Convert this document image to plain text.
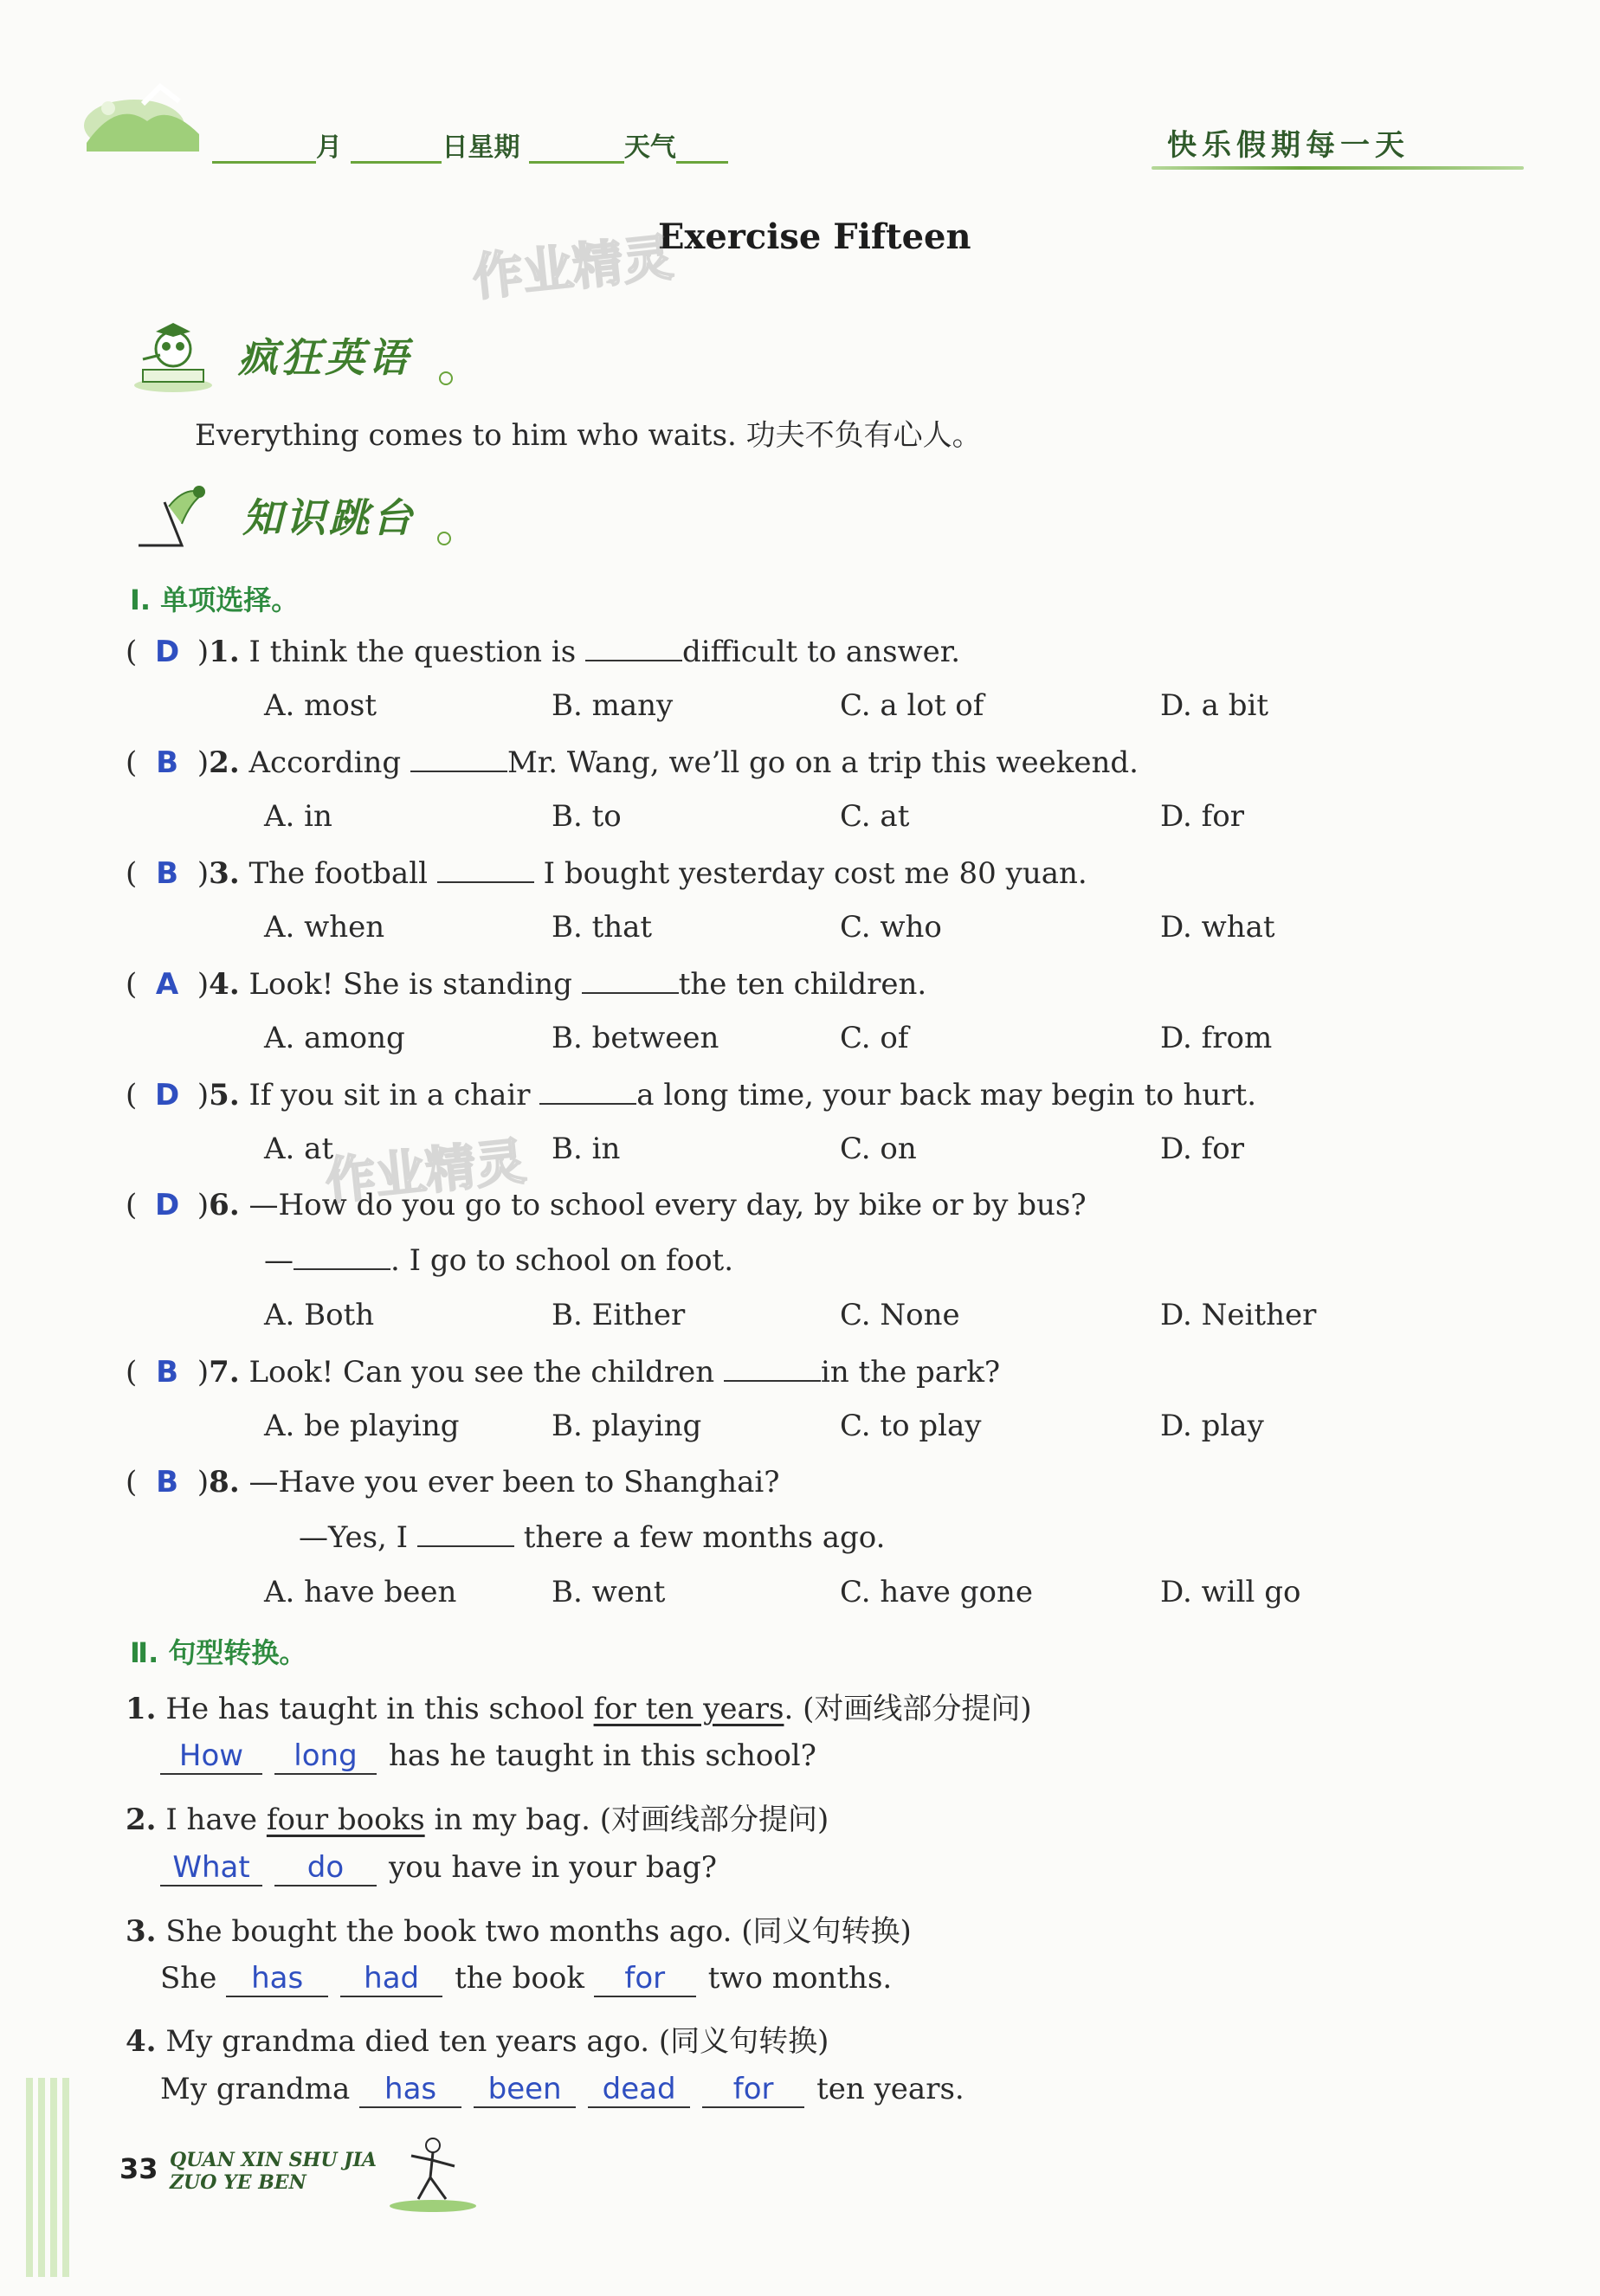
月	日星期	天气	快乐假期每一天
Exercise Fifteen
作业精灵
疯狂英语
Everything comes to him who waits. 功夫不负有心人。
知识跳台
Ⅰ. 单项选择。
( D )1. I think the question is	difficult to answer.
A. most	B. many	C. a lot of	D. a bit
( B )2. According	Mr. Wang, we’ll go on a trip this weekend.
A. in	B. to	C. at	D. for
( B )3. The football	I bought yesterday cost me 80 yuan.
A. when	B. that	C. who	D. what
( A )4. Look! She is standing	the ten children.
A. among	B. between	C. of	D. from
( D )5. If you sit in a chair	a long time, your back may begin to hurt.
A. at	B. in	C. on	D. for
作业精灵
( D )6. —How do you go to school every day, by bike or by bus?
—	. I go to school on foot.
A. Both	B. Either	C. None	D. Neither
( B )7. Look! Can you see the children	in the park?
A. be playing	B. playing	C. to play	D. play
( B )8. —Have you ever been to Shanghai?
—Yes, I	there a few months ago.
A. have been	B. went	C. have gone	D. will go
Ⅱ. 句型转换。
1. He has taught in this school for ten years. (对画线部分提问)
How long has he taught in this school?
2. I have four books in my bag. (对画线部分提问)
What do you have in your bag?
3. She bought the book two months ago. (同义句转换)
She has had the book for two months.
4. My grandma died ten years ago. (同义句转换)
My grandma has been dead for ten years.
33 QUAN XIN SHU JIA
ZUO YE BEN
